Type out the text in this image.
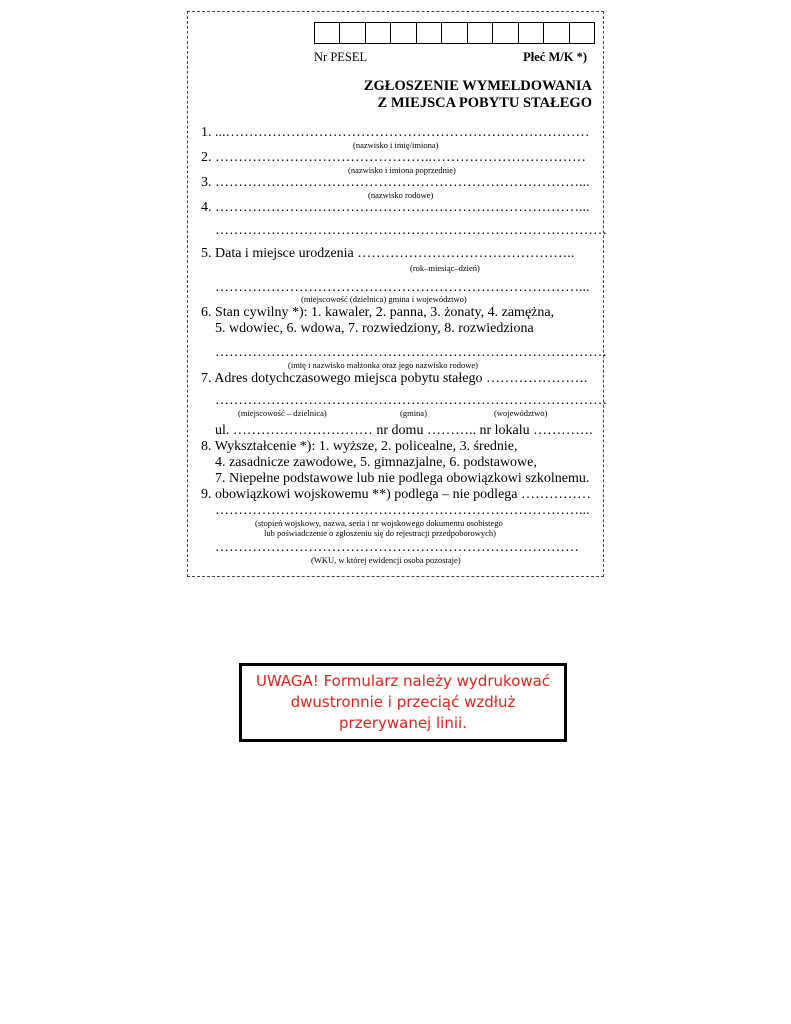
Nr PESEL	Płeć M/K *)
ZGŁOSZENIE WYMELDOWANIA
Z MIEJSCA POBYTU STAŁEGO
1. ...……………………………………………………………………
(nazwisko i imię/imiona)
2. ………………………………………..……………………………
(nazwisko i imiona poprzednie)
3. ……………………………………………………………………...
(nazwisko rodowe)
4. ……………………………………………………………………...
…………………………………………………………………………
5. Data i miejsce urodzenia ………………………………………..
(rok–miesiąc–dzień)
……………………………………………………………………...
(miejscowość (dzielnica) gmina i województwo)
6. Stan cywilny *): 1. kawaler, 2. panna, 3. żonaty, 4. zamężna,
5. wdowiec, 6. wdowa, 7. rozwiedziony, 8. rozwiedziona
…………………………………………………………………………
(imię i nazwisko małżonka oraz jego nazwisko rodowe)
7. Adres dotychczasowego miejsca pobytu stałego ………………….
…………………………………………………………………………
(miejscowość – dzielnica)	(gmina)	(województwo)
ul. ………………………… nr domu ……….. nr lokalu ………….
8. Wykształcenie *): 1. wyższe, 2. policealne, 3. średnie,
4. zasadnicze zawodowe, 5. gimnazjalne, 6. podstawowe,
7. Niepełne podstawowe lub nie podlega obowiązkowi szkolnemu.
9. obowiązkowi wojskowemu **) podlega – nie podlega ……………
……………………………………………………………………...
(stopień wojskowy, nazwa, seria i nr wojskowego dokumentu osobistego
lub poświadczenie o zgłoszeniu się do rejestracji przedpoborowych)
……………………………………………………………………
(WKU, w której ewidencji osoba pozostaje)
UWAGA! Formularz należy wydrukować
dwustronnie i przeciąć wzdłuż
przerywanej linii.
